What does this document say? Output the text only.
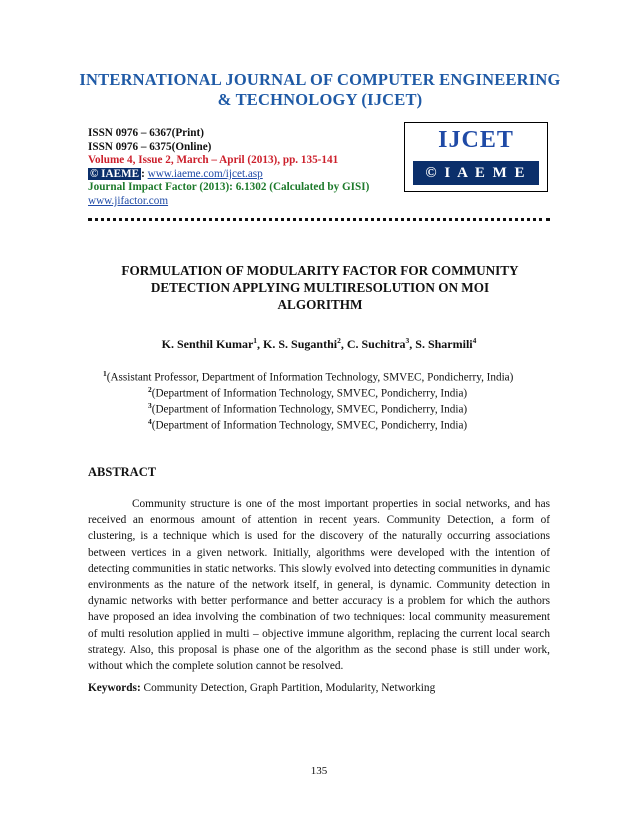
INTERNATIONAL JOURNAL OF COMPUTER ENGINEERING
& TECHNOLOGY (IJCET)
ISSN 0976 – 6367(Print)
ISSN 0976 – 6375(Online)
Volume 4, Issue 2, March – April (2013), pp. 135-141
© IAEME : www.iaeme.com/ijcet.asp
Journal Impact Factor (2013): 6.1302 (Calculated by GISI)
www.jifactor.com
IJCET
© I A E M E
FORMULATION OF MODULARITY FACTOR FOR COMMUNITY
DETECTION APPLYING MULTIRESOLUTION ON MOI
ALGORITHM
K. Senthil Kumar$^1$, K. S. Suganthi$^2$, C. Suchitra$^3$, S. Sharmili$^4$
$^1$(Assistant Professor, Department of Information Technology, SMVEC, Pondicherry, India)
$^2$(Department of Information Technology, SMVEC, Pondicherry, India)
$^3$(Department of Information Technology, SMVEC, Pondicherry, India)
$^4$(Department of Information Technology, SMVEC, Pondicherry, India)
ABSTRACT
Community structure is one of the most important properties in social networks, and has received an enormous amount of attention in recent years. Community Detection, a form of clustering, is a technique which is used for the discovery of the naturally occurring associations between vertices in a given network. Initially, algorithms were developed with the intention of detecting communities in static networks. This slowly evolved into detecting communities in dynamic environments as the nature of the network itself, in general, is dynamic. Community detection in dynamic networks with better performance and better accuracy is a problem for which the authors have proposed an idea involving the combination of two techniques: local community measurement of multi resolution applied in multi – objective immune algorithm, replacing the current local search strategy. Also, this proposal is phase one of the algorithm as the second phase is still under work, without which the complete solution cannot be resolved.
Keywords: Community Detection, Graph Partition, Modularity, Networking
135
